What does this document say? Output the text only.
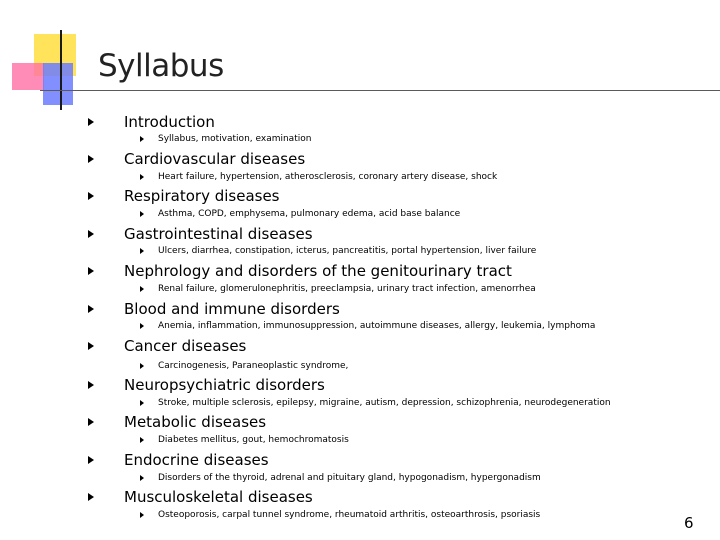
Syllabus
Introduction
Syllabus, motivation, examination
Cardiovascular diseases
Heart failure, hypertension, atherosclerosis, coronary artery disease, shock
Respiratory diseases
Asthma, COPD, emphysema, pulmonary edema, acid base balance
Gastrointestinal diseases
Ulcers, diarrhea, constipation, icterus, pancreatitis, portal hypertension, liver failure
Nephrology and disorders of the genitourinary tract
Renal failure, glomerulonephritis, preeclampsia, urinary tract infection, amenorrhea
Blood and immune disorders
Anemia, inflammation, immunosuppression, autoimmune diseases, allergy, leukemia, lymphoma
Cancer diseases
Carcinogenesis, Paraneoplastic syndrome,
Neuropsychiatric disorders
Stroke, multiple sclerosis, epilepsy, migraine, autism, depression, schizophrenia, neurodegeneration
Metabolic diseases
Diabetes mellitus, gout, hemochromatosis
Endocrine diseases
Disorders of the thyroid, adrenal and pituitary gland, hypogonadism, hypergonadism
Musculoskeletal diseases
Osteoporosis, carpal tunnel syndrome, rheumatoid arthritis, osteoarthrosis, psoriasis	6
